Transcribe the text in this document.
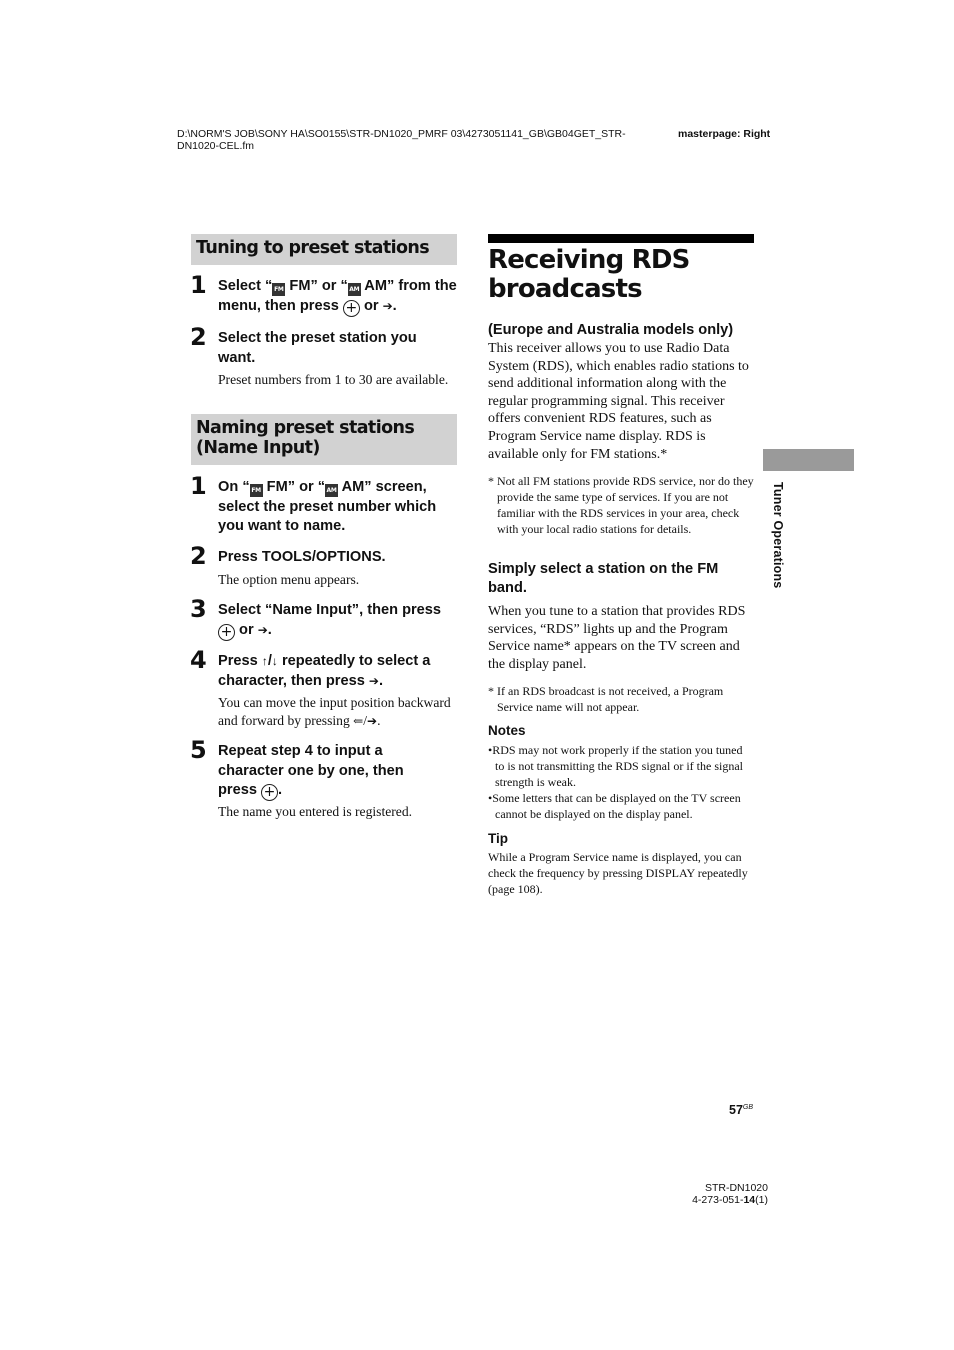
D:\NORM'S JOB\SONY HA\SO0155\STR-DN1020_PMRF 03\4273051141_GB\GB04GET_STR-
DN1020-CEL.fm
masterpage: Right
Tuning to preset stations
1 Select “ FM FM” or “AM AM” from the menu, then press + or ➔.
2 Select the preset station you want.
Preset numbers from 1 to 30 are available.
Naming preset stations (Name Input)
1 On “ FM FM” or “AM AM” screen, select the preset number which you want to name.
2 Press TOOLS/OPTIONS.
The option menu appears.
3 Select “Name Input”, then press + or ➔.
4 Press ↑/↓ repeatedly to select a character, then press ➔.
You can move the input position backward and forward by pressing ⇐/➔.
5 Repeat step 4 to input a character one by one, then press + .
The name you entered is registered.
Receiving RDS
broadcasts
(Europe and Australia models only)
This receiver allows you to use Radio Data System (RDS), which enables radio stations to send additional information along with the regular programming signal. This receiver offers convenient RDS features, such as Program Service name display. RDS is available only for FM stations.*
* Not all FM stations provide RDS service, nor do they provide the same type of services. If you are not familiar with the RDS services in your area, check with your local radio stations for details.
Simply select a station on the FM band.
When you tune to a station that provides RDS services, “RDS” lights up and the Program Service name* appears on the TV screen and the display panel.
* If an RDS broadcast is not received, a Program Service name will not appear.
Notes
•RDS may not work properly if the station you tuned to is not transmitting the RDS signal or if the signal strength is weak.
•Some letters that can be displayed on the TV screen cannot be displayed on the display panel.
Tip
While a Program Service name is displayed, you can check the frequency by pressing DISPLAY repeatedly (page 108).
Tuner Operations
$57^{GB}$
STR-DN1020
4-273-051-14(1)
